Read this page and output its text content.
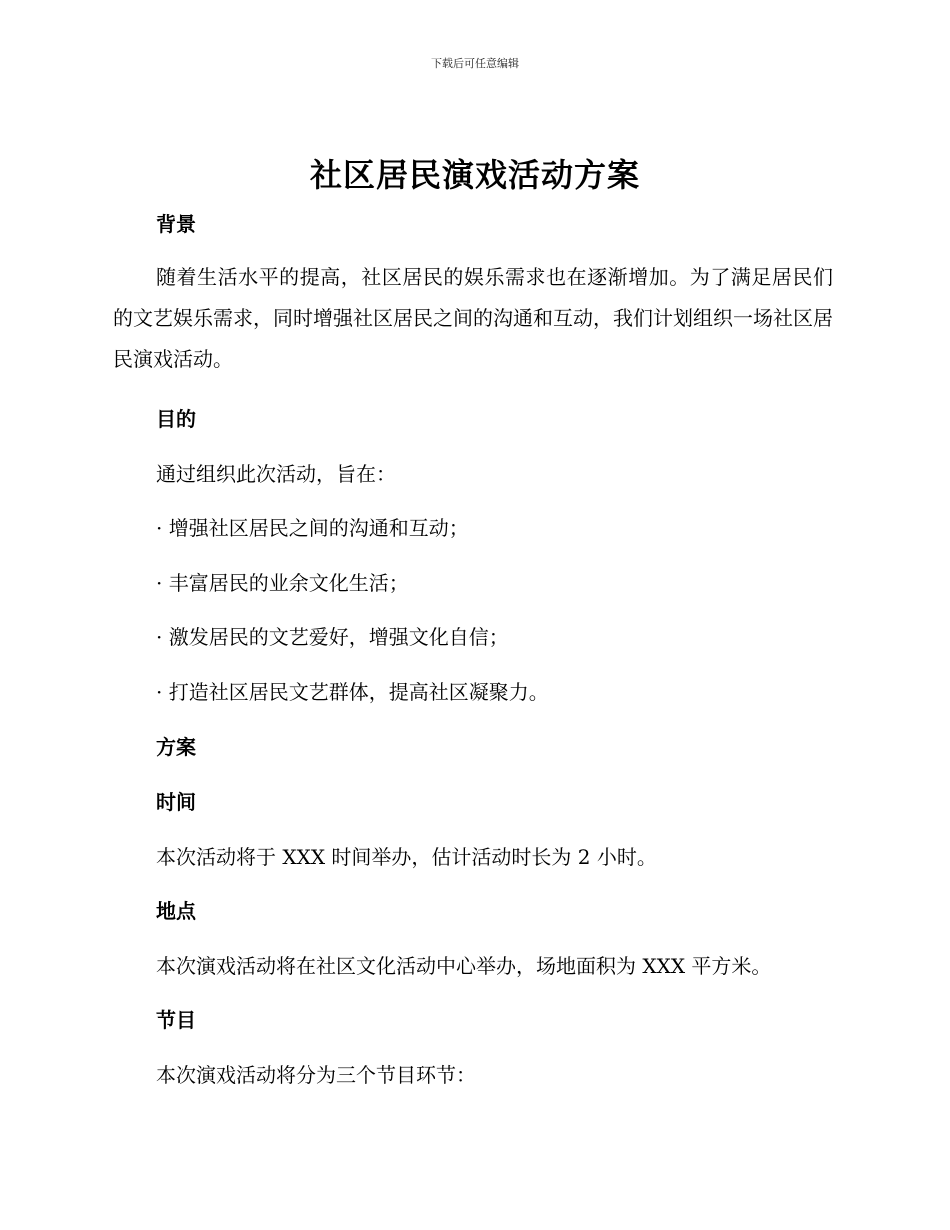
下载后可任意编辑
社区居民演戏活动方案
背景
随着生活水平的提高，社区居民的娱乐需求也在逐渐增加。为了满足居民们的文艺娱乐需求，同时增强社区居民之间的沟通和互动，我们计划组织一场社区居民演戏活动。
目的
通过组织此次活动，旨在：
· 增强社区居民之间的沟通和互动；
· 丰富居民的业余文化生活；
· 激发居民的文艺爱好，增强文化自信；
· 打造社区居民文艺群体，提高社区凝聚力。
方案
时间
本次活动将于 XXX 时间举办，估计活动时长为 2 小时。
地点
本次演戏活动将在社区文化活动中心举办，场地面积为 XXX 平方米。
节目
本次演戏活动将分为三个节目环节：
